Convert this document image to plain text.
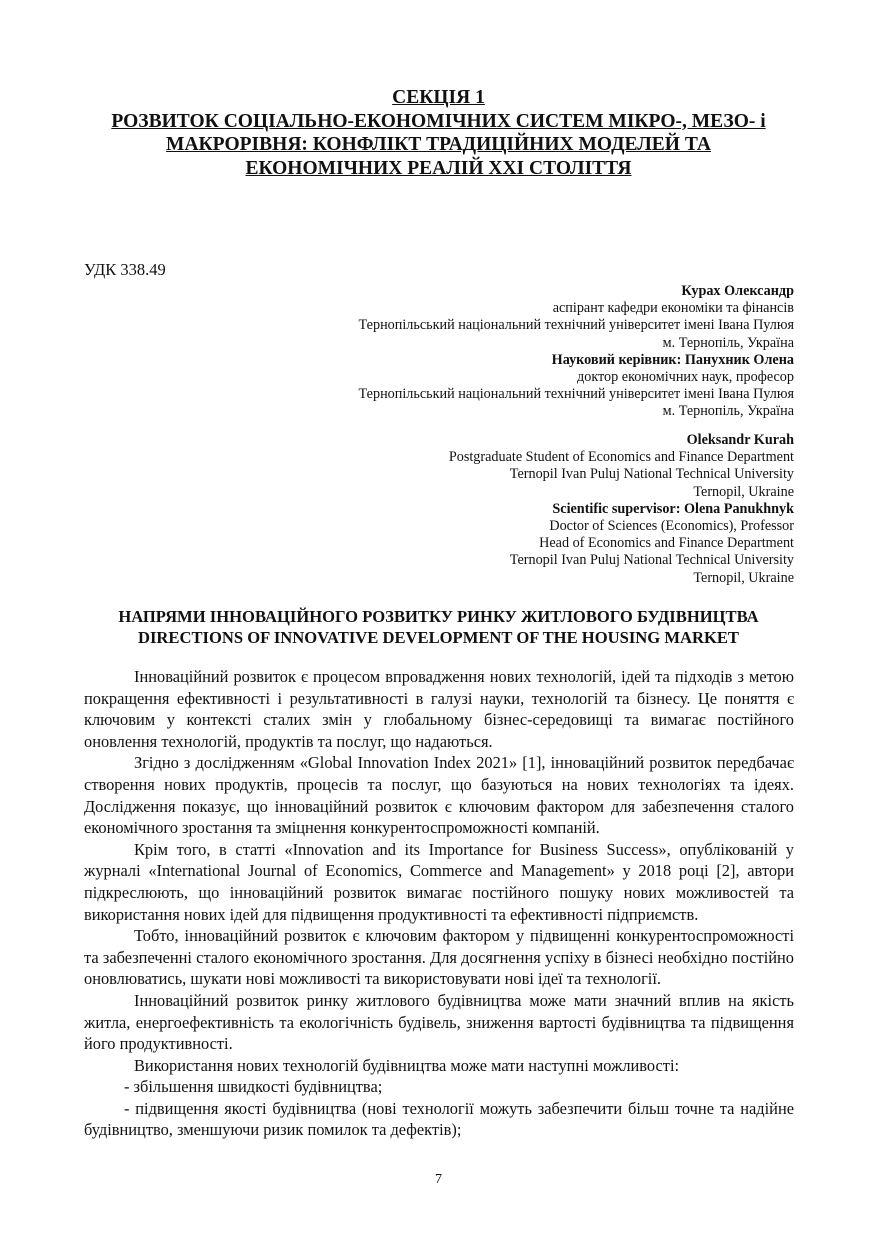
СЕКЦІЯ 1
РОЗВИТОК СОЦІАЛЬНО-ЕКОНОМІЧНИХ СИСТЕМ МІКРО-, МЕЗО- і
МАКРОРІВНЯ: КОНФЛІКТ ТРАДИЦІЙНИХ МОДЕЛЕЙ ТА
ЕКОНОМІЧНИХ РЕАЛІЙ ХХІ СТОЛІТТЯ
УДК 338.49
Курах Олександр
аспірант кафедри економіки та фінансів
Тернопільський національний технічний університет імені Івана Пулюя
м. Тернопіль, Україна
Науковий керівник: Панухник Олена
доктор економічних наук, професор
Тернопільський національний технічний університет імені Івана Пулюя
м. Тернопіль, Україна
Oleksandr Kurah
Postgraduate Student of Economics and Finance Department
Ternopil Ivan Puluj National Technical University
Ternopil, Ukraine
Scientific supervisor: Olena Panukhnyk
Doctor of Sciences (Economics), Professor
Head of Economics and Finance Department
Ternopil Ivan Puluj National Technical University
Ternopil, Ukraine
НАПРЯМИ ІННОВАЦІЙНОГО РОЗВИТКУ РИНКУ ЖИТЛОВОГО БУДІВНИЦТВА
DIRECTIONS OF INNOVATIVE DEVELOPMENT OF THE HOUSING MARKET

Інноваційний розвиток є процесом впровадження нових технологій, ідей та підходів з метою покращення ефективності і результативності в галузі науки, технологій та бізнесу. Це поняття є ключовим у контексті сталих змін у глобальному бізнес-середовищі та вимагає постійного оновлення технологій, продуктів та послуг, що надаються.

Згідно з дослідженням «Global Innovation Index 2021» [1], інноваційний розвиток передбачає створення нових продуктів, процесів та послуг, що базуються на нових технологіях та ідеях. Дослідження показує, що інноваційний розвиток є ключовим фактором для забезпечення сталого економічного зростання та зміцнення конкурентоспроможності компаній.

Крім того, в статті «Innovation and its Importance for Business Success», опублікованій у журналі «International Journal of Economics, Commerce and Management» у 2018 році [2], автори підкреслюють, що інноваційний розвиток вимагає постійного пошуку нових можливостей та використання нових ідей для підвищення продуктивності та ефективності підприємств.

Тобто, інноваційний розвиток є ключовим фактором у підвищенні конкурентоспроможності та забезпеченні сталого економічного зростання. Для досягнення успіху в бізнесі необхідно постійно оновлюватись, шукати нові можливості та використовувати нові ідеї та технології.

Інноваційний розвиток ринку житлового будівництва може мати значний вплив на якість житла, енергоефективність та екологічність будівель, зниження вартості будівництва та підвищення його продуктивності.

Використання нових технологій будівництва може мати наступні можливості:

- збільшення швидкості будівництва;

- підвищення якості будівництва (нові технології можуть забезпечити більш точне та надійне будівництво, зменшуючи ризик помилок та дефектів);

7
